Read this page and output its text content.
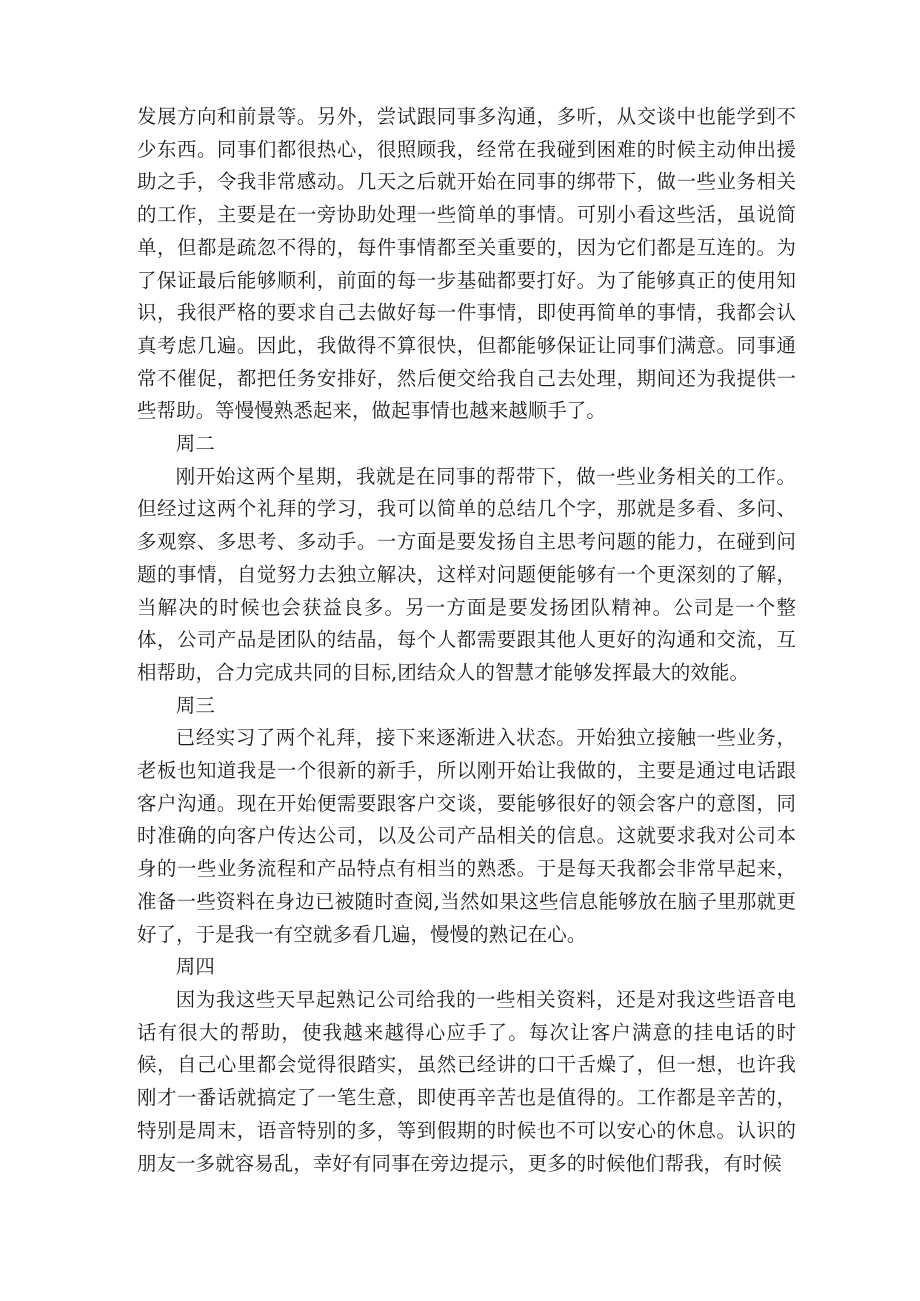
发展方向和前景等。另外，尝试跟同事多沟通，多听，从交谈中也能学到不少东西。同事们都很热心，很照顾我，经常在我碰到困难的时候主动伸出援助之手，令我非常感动。几天之后就开始在同事的绑带下，做一些业务相关的工作，主要是在一旁协助处理一些简单的事情。可别小看这些活，虽说简单，但都是疏忽不得的，每件事情都至关重要的，因为它们都是互连的。为了保证最后能够顺利，前面的每一步基础都要打好。为了能够真正的使用知识，我很严格的要求自己去做好每一件事情，即使再简单的事情，我都会认真考虑几遍。因此，我做得不算很快，但都能够保证让同事们满意。同事通常不催促，都把任务安排好，然后便交给我自己去处理，期间还为我提供一些帮助。等慢慢熟悉起来，做起事情也越来越顺手了。

周二

刚开始这两个星期，我就是在同事的帮带下，做一些业务相关的工作。但经过这两个礼拜的学习，我可以简单的总结几个字，那就是多看、多问、多观察、多思考、多动手。一方面是要发扬自主思考问题的能力，在碰到问题的事情，自觉努力去独立解决，这样对问题便能够有一个更深刻的了解，当解决的时候也会获益良多。另一方面是要发扬团队精神。公司是一个整体，公司产品是团队的结晶，每个人都需要跟其他人更好的沟通和交流，互相帮助，合力完成共同的目标,团结众人的智慧才能够发挥最大的效能。

周三

已经实习了两个礼拜，接下来逐渐进入状态。开始独立接触一些业务，老板也知道我是一个很新的新手，所以刚开始让我做的，主要是通过电话跟客户沟通。现在开始便需要跟客户交谈，要能够很好的领会客户的意图，同时准确的向客户传达公司，以及公司产品相关的信息。这就要求我对公司本身的一些业务流程和产品特点有相当的熟悉。于是每天我都会非常早起来，准备一些资料在身边已被随时查阅,当然如果这些信息能够放在脑子里那就更好了，于是我一有空就多看几遍，慢慢的熟记在心。

周四

因为我这些天早起熟记公司给我的一些相关资料，还是对我这些语音电话有很大的帮助，使我越来越得心应手了。每次让客户满意的挂电话的时候，自己心里都会觉得很踏实，虽然已经讲的口干舌燥了，但一想，也许我刚才一番话就搞定了一笔生意，即使再辛苦也是值得的。工作都是辛苦的，特别是周末，语音特别的多，等到假期的时候也不可以安心的休息。认识的朋友一多就容易乱，幸好有同事在旁边提示，更多的时候他们帮我，有时候
